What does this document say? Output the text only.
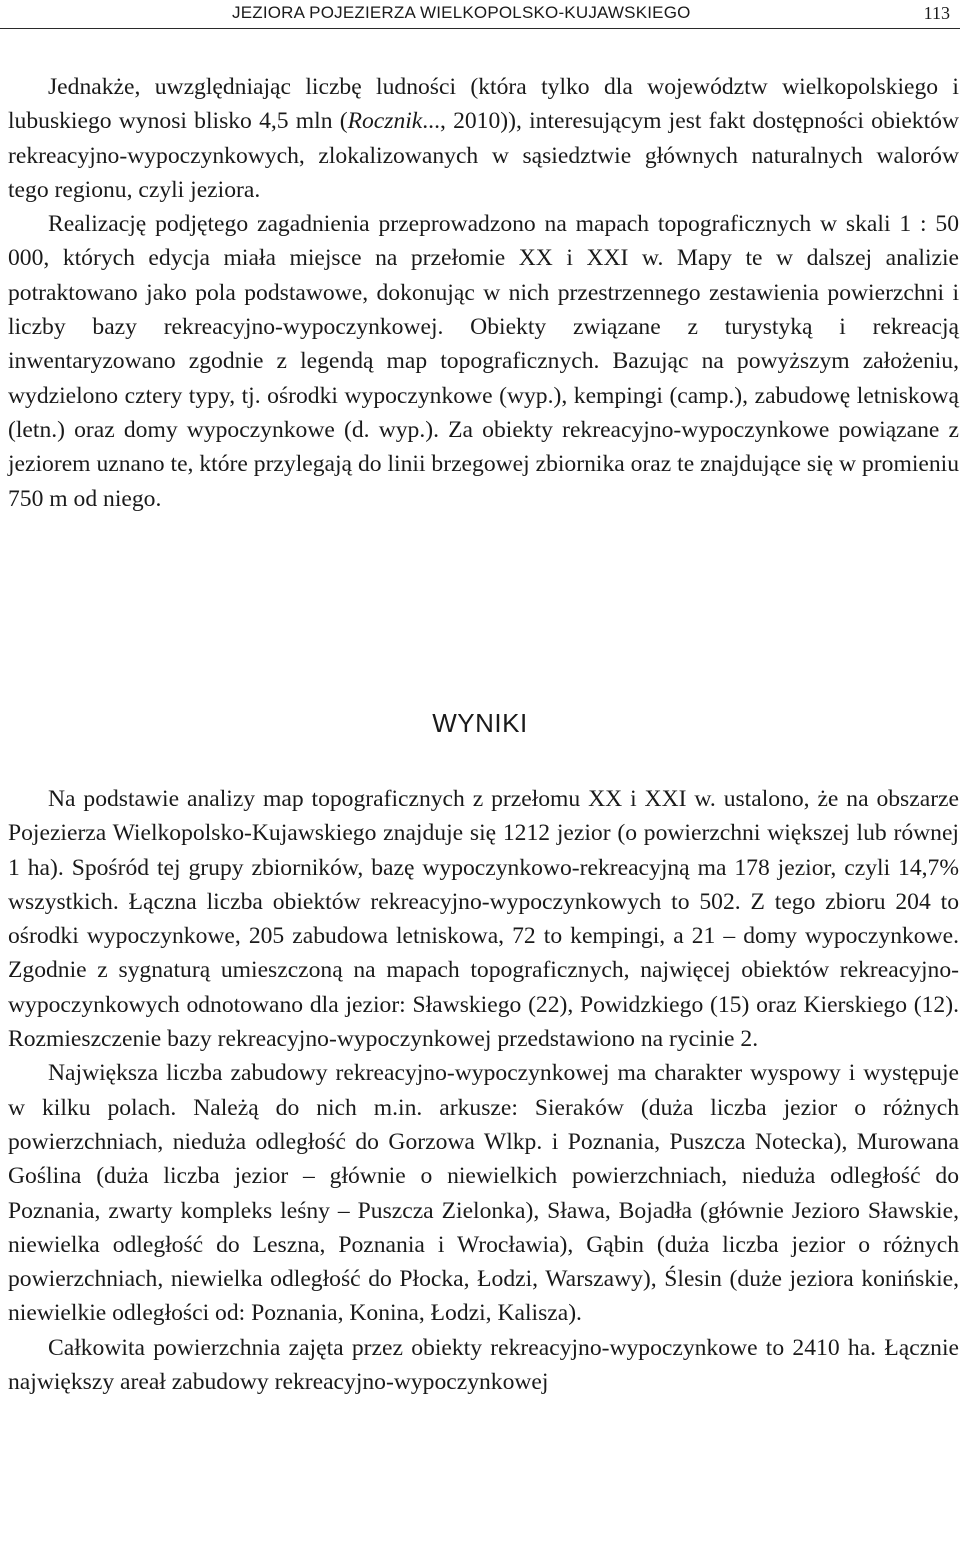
JEZIORA POJEZIERZA WIELKOPOLSKO-KUJAWSKIEGO	113

Jednakże, uwzględniając liczbę ludności (która tylko dla województw wielkopolskiego i lubuskiego wynosi blisko 4,5 mln (Rocznik..., 2010)), interesującym jest fakt dostępności obiektów rekreacyjno-wypoczynkowych, zlokalizowanych w sąsiedztwie głównych naturalnych walorów tego regionu, czyli jeziora.

Realizację podjętego zagadnienia przeprowadzono na mapach topograficznych w skali 1 : 50 000, których edycja miała miejsce na przełomie XX i XXI w. Mapy te w dalszej analizie potraktowano jako pola podstawowe, dokonując w nich przestrzennego zestawienia powierzchni i liczby bazy rekreacyjno-wypoczynkowej. Obiekty związane z turystyką i rekreacją inwentaryzowano zgodnie z legendą map topograficznych. Bazując na powyższym założeniu, wydzielono cztery typy, tj. ośrodki wypoczynkowe (wyp.), kempingi (camp.), zabudowę letniskową (letn.) oraz domy wypoczynkowe (d. wyp.). Za obiekty rekreacyjno-wypoczynkowe powiązane z jeziorem uznano te, które przylegają do linii brzegowej zbiornika oraz te znajdujące się w promieniu 750 m od niego.

WYNIKI

Na podstawie analizy map topograficznych z przełomu XX i XXI w. ustalono, że na obszarze Pojezierza Wielkopolsko-Kujawskiego znajduje się 1212 jezior (o powierzchni większej lub równej 1 ha). Spośród tej grupy zbiorników, bazę wypoczynkowo-rekreacyjną ma 178 jezior, czyli 14,7% wszystkich. Łączna liczba obiektów rekreacyjno-wypoczynkowych to 502. Z tego zbioru 204 to ośrodki wypoczynkowe, 205 zabudowa letniskowa, 72 to kempingi, a 21 – domy wypoczynkowe. Zgodnie z sygnaturą umieszczoną na mapach topograficznych, najwięcej obiektów rekreacyjno-wypoczynkowych odnotowano dla jezior: Sławskiego (22), Powidzkiego (15) oraz Kierskiego (12). Rozmieszczenie bazy rekreacyjno-wypoczynkowej przedstawiono na rycinie 2.

Największa liczba zabudowy rekreacyjno-wypoczynkowej ma charakter wyspowy i występuje w kilku polach. Należą do nich m.in. arkusze: Sieraków (duża liczba jezior o różnych powierzchniach, nieduża odległość do Gorzowa Wlkp. i Poznania, Puszcza Notecka), Murowana Goślina (duża liczba jezior – głównie o niewielkich powierzchniach, nieduża odległość do Poznania, zwarty kompleks leśny – Puszcza Zielonka), Sława, Bojadła (głównie Jezioro Sławskie, niewielka odległość do Leszna, Poznania i Wrocławia), Gąbin (duża liczba jezior o różnych powierzchniach, niewielka odległość do Płocka, Łodzi, Warszawy), Ślesin (duże jeziora konińskie, niewielkie odległości od: Poznania, Konina, Łodzi, Kalisza).

Całkowita powierzchnia zajęta przez obiekty rekreacyjno-wypoczynkowe to 2410 ha. Łącznie największy areał zabudowy rekreacyjno-wypoczynkowej
